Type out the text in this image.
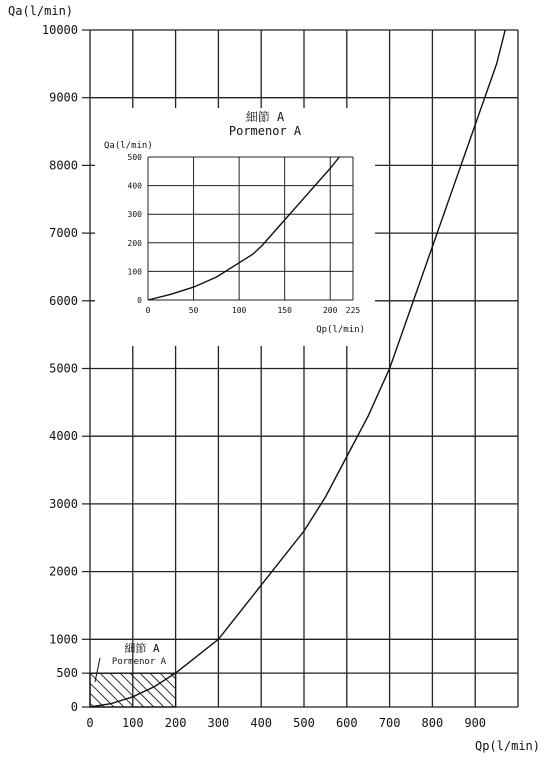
0 100 200 300 400 500 600 700 800 900
0
500
1000
2000
3000
4000
5000
6000
7000
8000
9000
10000
Qa(l/min)
Qp(l/min)
細節 A
Pormenor A
細節 A
Pormenor A
Qa(l/min)
Qp(l/min)
0	50	100	150	200 225
0
100
200
300
400
500
